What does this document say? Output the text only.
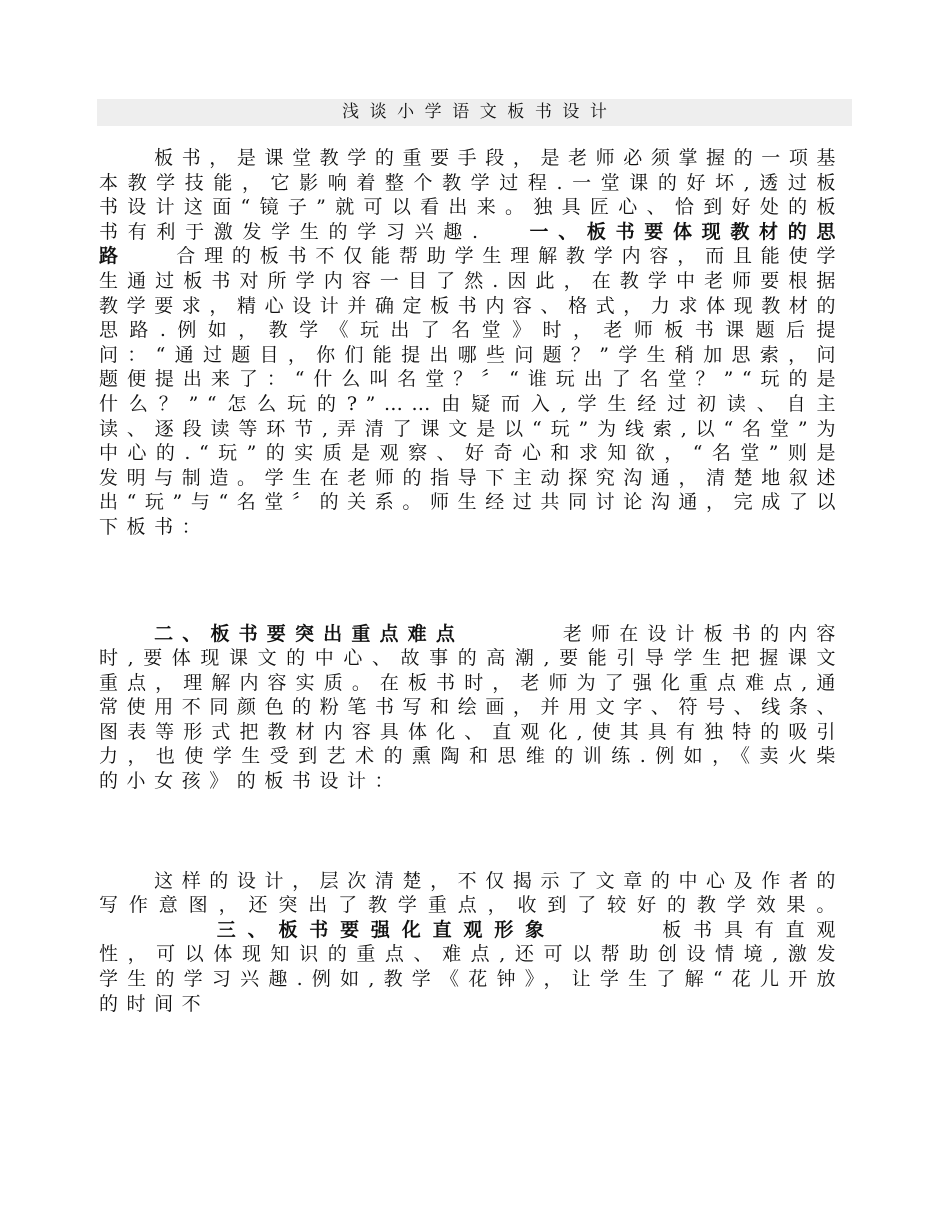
浅谈小学语文板书设计

板书，是课堂教学的重要手段，是老师必须掌握的一项基本教学技能，它影响着整个教学过程.一堂课的好坏,透过板书设计这面“镜子”就可以看出来。独具匠心、恰到好处的板书有利于激发学生的学习兴趣. 一、板书要体现教材的思路	合理的板书不仅能帮助学生理解教学内容，而且能使学生通过板书对所学内容一目了然.因此，在教学中老师要根据教学要求，精心设计并确定板书内容、格式，力求体现教材的思路.例如，教学《玩出了名堂》时，老师板书课题后提问：“通过题目，你们能提出哪些问题？”学生稍加思索，问题便提出来了：“什么叫名堂？〞“谁玩出了名堂？”“玩的是什么？”“怎么玩的?”……由疑而入,学生经过初读、自主读、逐段读等环节,弄清了课文是以“玩”为线索,以“名堂”为中心的.“玩”的实质是观察、好奇心和求知欲，“名堂”则是发明与制造。学生在老师的指导下主动探究沟通，清楚地叙述出“玩”与“名堂〞的关系。师生经过共同讨论沟通，完成了以下板书：

二、板书要突出重点难点	老师在设计板书的内容时,要体现课文的中心、故事的高潮,要能引导学生把握课文重点，理解内容实质。在板书时，老师为了强化重点难点,通常使用不同颜色的粉笔书写和绘画，并用文字、符号、线条、图表等形式把教材内容具体化、直观化,使其具有独特的吸引力，也使学生受到艺术的熏陶和思维的训练.例如，《卖火柴的小女孩》的板书设计：

这样的设计，层次清楚，不仅揭示了文章的中心及作者的写作意图，还突出了教学重点，收到了较好的教学效果。三、板书要强化直观形象	板书具有直观性，可以体现知识的重点、难点,还可以帮助创设情境,激发学生的学习兴趣.例如,教学《花钟》，让学生了解“花儿开放的时间不
